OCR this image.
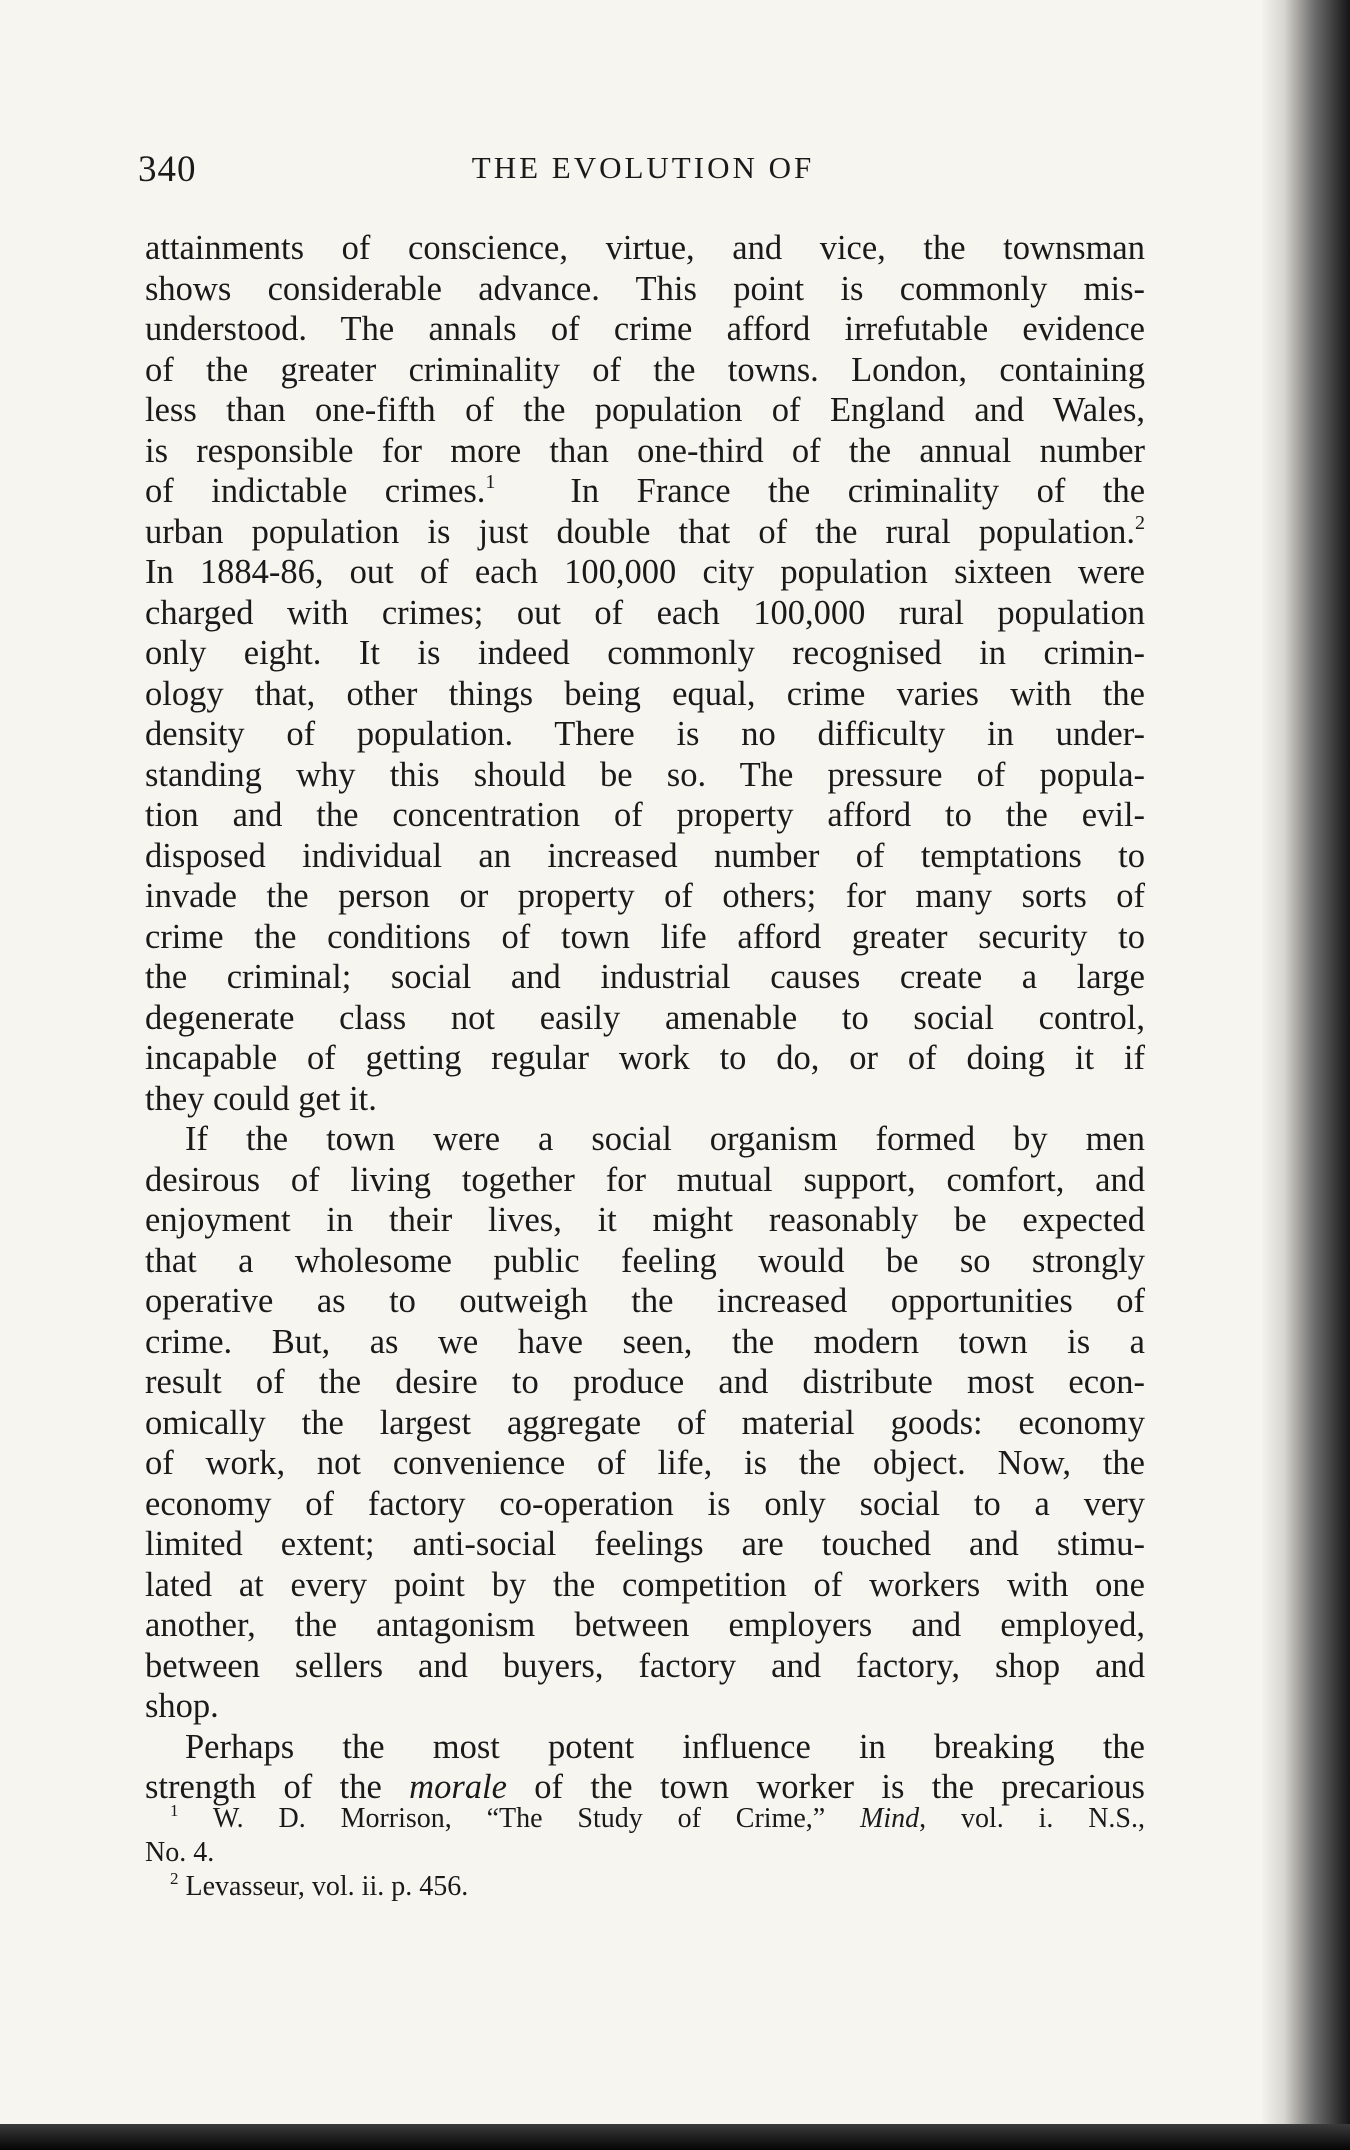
340	THE EVOLUTION OF
attainments of conscience, virtue, and vice, the townsman
shows considerable advance. This point is commonly mis-
understood. The annals of crime afford irrefutable evidence
of the greater criminality of the towns. London, containing
less than one-fifth of the population of England and Wales,
is responsible for more than one-third of the annual number
of indictable crimes.$^1$ In France the criminality of the
urban population is just double that of the rural population.$^2$
In 1884-86, out of each 100,000 city population sixteen were
charged with crimes; out of each 100,000 rural population
only eight. It is indeed commonly recognised in crimin-
ology that, other things being equal, crime varies with the
density of population. There is no difficulty in under-
standing why this should be so. The pressure of popula-
tion and the concentration of property afford to the evil-
disposed individual an increased number of temptations to
invade the person or property of others; for many sorts of
crime the conditions of town life afford greater security to
the criminal; social and industrial causes create a large
degenerate class not easily amenable to social control,
incapable of getting regular work to do, or of doing it if
they could get it.
If the town were a social organism formed by men
desirous of living together for mutual support, comfort, and
enjoyment in their lives, it might reasonably be expected
that a wholesome public feeling would be so strongly
operative as to outweigh the increased opportunities of
crime. But, as we have seen, the modern town is a
result of the desire to produce and distribute most econ-
omically the largest aggregate of material goods: economy
of work, not convenience of life, is the object. Now, the
economy of factory co-operation is only social to a very
limited extent; anti-social feelings are touched and stimu-
lated at every point by the competition of workers with one
another, the antagonism between employers and employed,
between sellers and buyers, factory and factory, shop and
shop.
Perhaps the most potent influence in breaking the
strength of the morale of the town worker is the precarious
$^1$ W. D. Morrison, “The Study of Crime,” Mind, vol. i. N.S.,
No. 4.
$^2$ Levasseur, vol. ii. p. 456.
